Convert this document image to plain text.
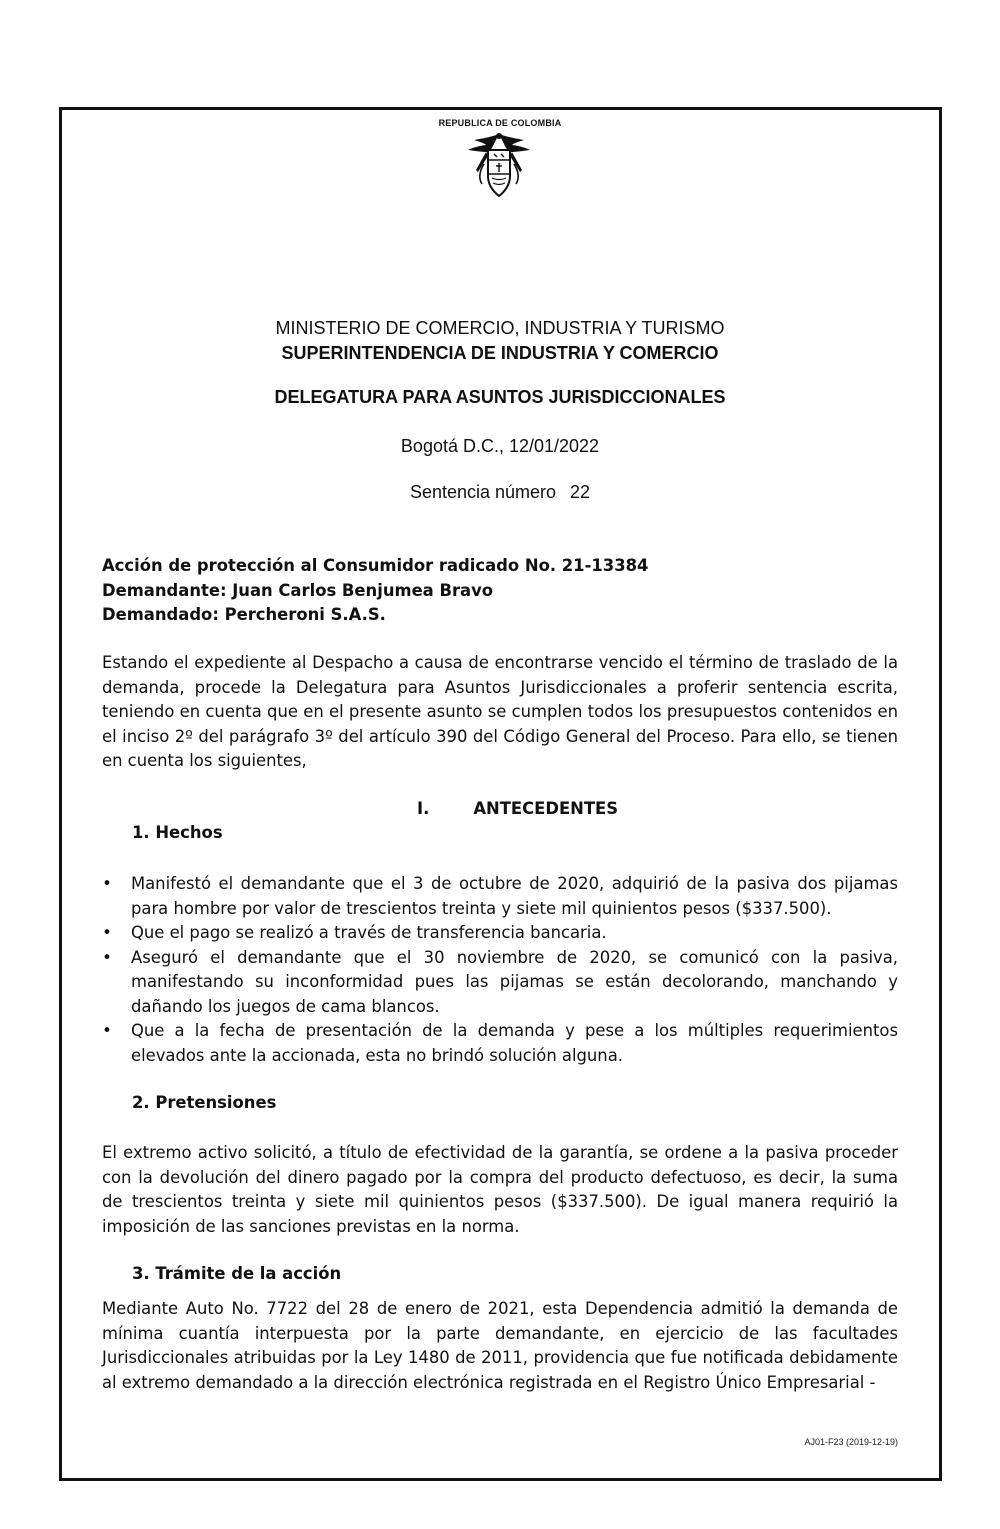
REPUBLICA DE COLOMBIA
MINISTERIO DE COMERCIO, INDUSTRIA Y TURISMO
SUPERINTENDENCIA DE INDUSTRIA Y COMERCIO
DELEGATURA PARA ASUNTOS JURISDICCIONALES
Bogotá D.C., 12/01/2022
Sentencia número 22
Acción de protección al Consumidor radicado No. 21-13384
Demandante: Juan Carlos Benjumea Bravo
Demandado: Percheroni S.A.S.
Estando el expediente al Despacho a causa de encontrarse vencido el término de traslado de la demanda, procede la Delegatura para Asuntos Jurisdiccionales a proferir sentencia escrita, teniendo en cuenta que en el presente asunto se cumplen todos los presupuestos contenidos en el inciso 2º del parágrafo 3º del artículo 390 del Código General del Proceso. Para ello, se tienen en cuenta los siguientes,
I.	ANTECEDENTES
1. Hechos
• Manifestó el demandante que el 3 de octubre de 2020, adquirió de la pasiva dos pijamas para hombre por valor de trescientos treinta y siete mil quinientos pesos ($337.500).
• Que el pago se realizó a través de transferencia bancaria.
• Aseguró el demandante que el 30 noviembre de 2020, se comunicó con la pasiva, manifestando su inconformidad pues las pijamas se están decolorando, manchando y dañando los juegos de cama blancos.
• Que a la fecha de presentación de la demanda y pese a los múltiples requerimientos elevados ante la accionada, esta no brindó solución alguna.
2. Pretensiones
El extremo activo solicitó, a título de efectividad de la garantía, se ordene a la pasiva proceder con la devolución del dinero pagado por la compra del producto defectuoso, es decir, la suma de trescientos treinta y siete mil quinientos pesos ($337.500). De igual manera requirió la imposición de las sanciones previstas en la norma.
3. Trámite de la acción
Mediante Auto No. 7722 del 28 de enero de 2021, esta Dependencia admitió la demanda de mínima cuantía interpuesta por la parte demandante, en ejercicio de las facultades Jurisdiccionales atribuidas por la Ley 1480 de 2011, providencia que fue notificada debidamente al extremo demandado a la dirección electrónica registrada en el Registro Único Empresarial -
AJ01-F23 (2019-12-19)
